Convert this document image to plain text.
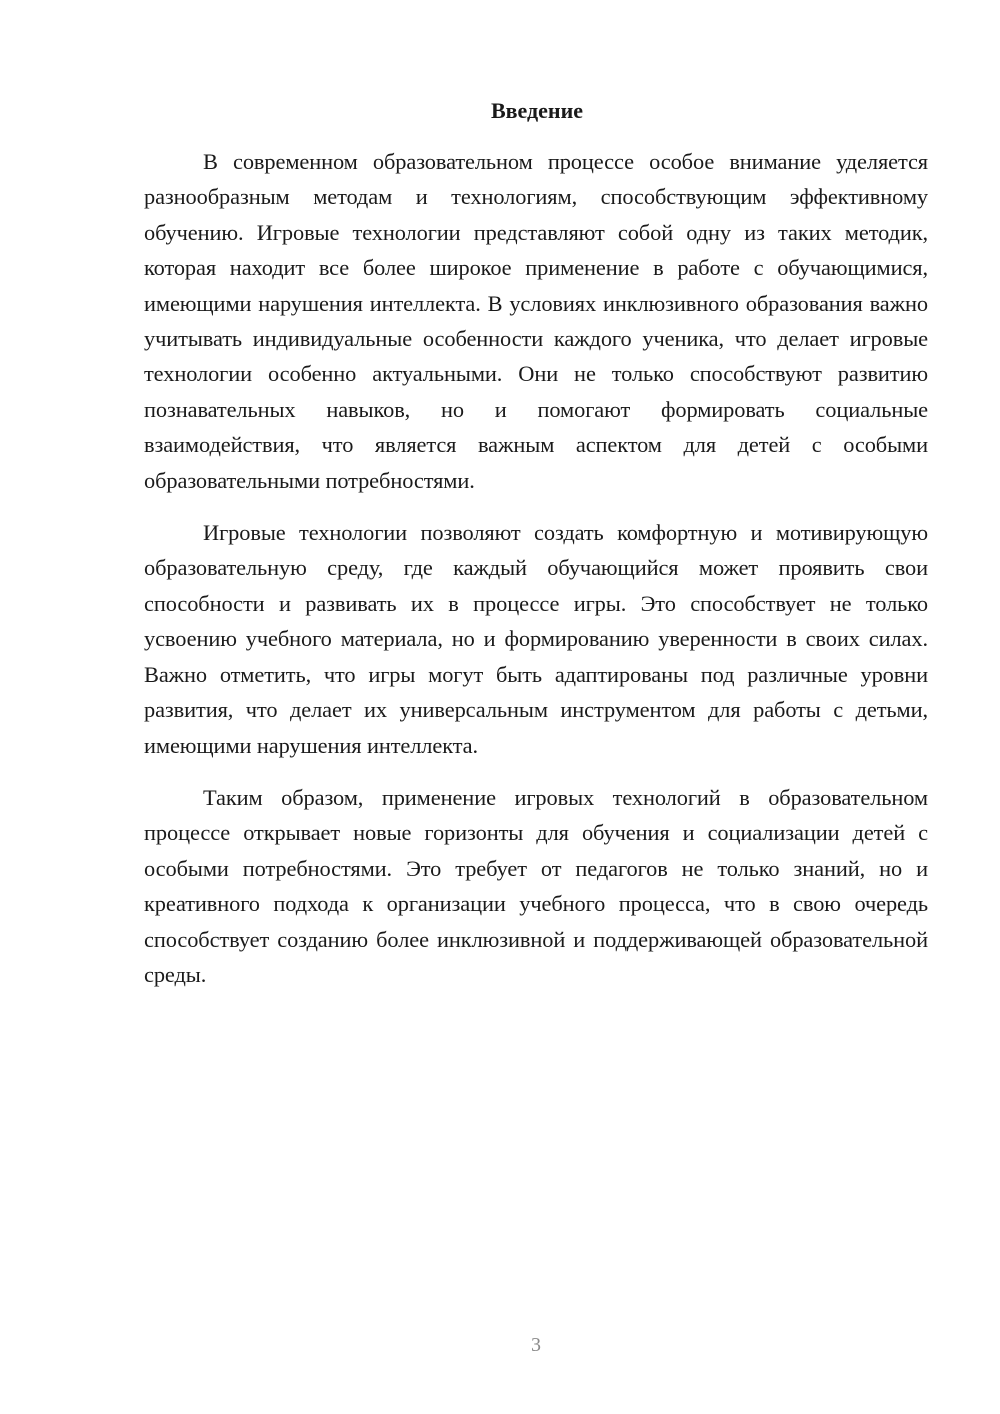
Введение

В современном образовательном процессе особое внимание уделяется разнообразным методам и технологиям, способствующим эффективному обучению. Игровые технологии представляют собой одну из таких методик, которая находит все более широкое применение в работе с обучающимися, имеющими нарушения интеллекта. В условиях инклюзивного образования важно учитывать индивидуальные особенности каждого ученика, что делает игровые технологии особенно актуальными. Они не только способствуют развитию познавательных навыков, но и помогают формировать социальные взаимодействия, что является важным аспектом для детей с особыми образовательными потребностями.

Игровые технологии позволяют создать комфортную и мотивирующую образовательную среду, где каждый обучающийся может проявить свои способности и развивать их в процессе игры. Это способствует не только усвоению учебного материала, но и формированию уверенности в своих силах. Важно отметить, что игры могут быть адаптированы под различные уровни развития, что делает их универсальным инструментом для работы с детьми, имеющими нарушения интеллекта.

Таким образом, применение игровых технологий в образовательном процессе открывает новые горизонты для обучения и социализации детей с особыми потребностями. Это требует от педагогов не только знаний, но и креативного подхода к организации учебного процесса, что в свою очередь способствует созданию более инклюзивной и поддерживающей образовательной среды.

3
